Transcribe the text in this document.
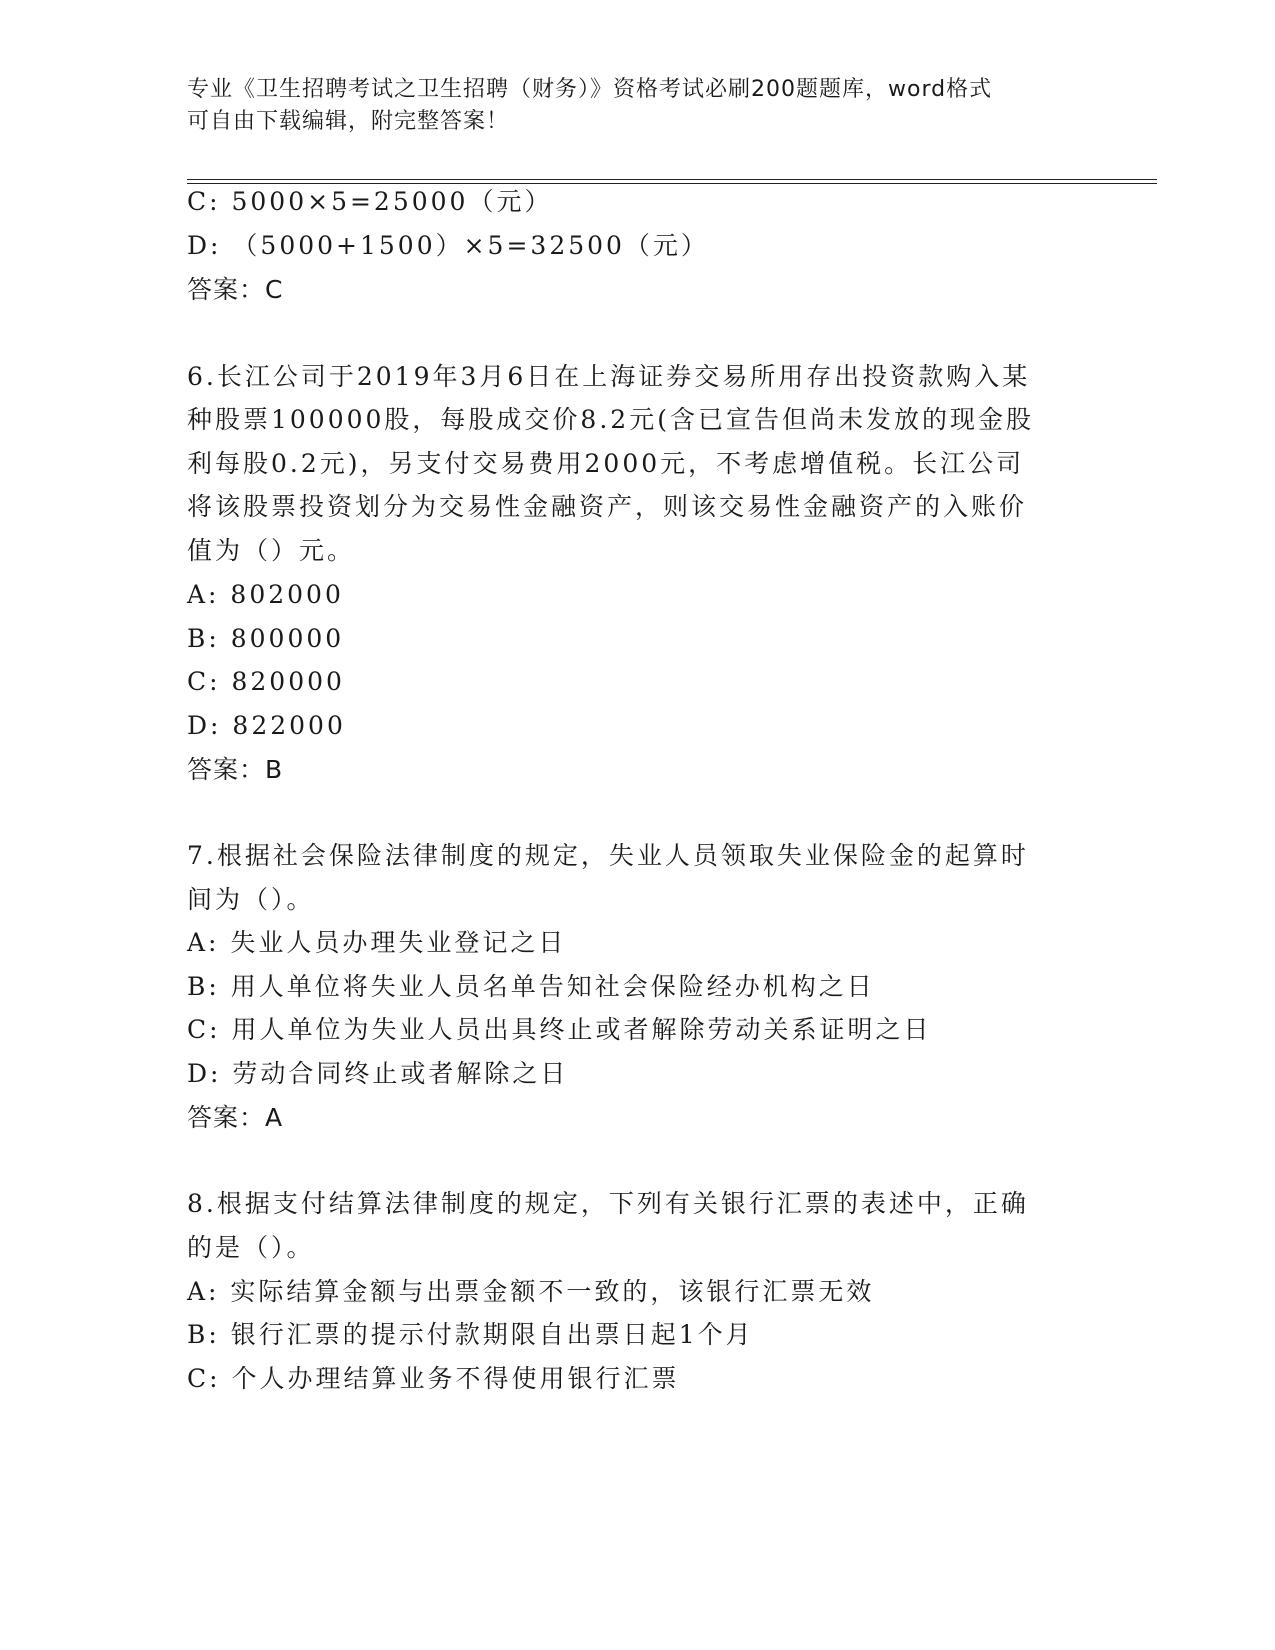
专业《卫生招聘考试之卫生招聘（财务）》资格考试必刷200题题库，word格式
可自由下载编辑，附完整答案！
C: 5000×5=25000（元）
D: （5000+1500）×5=32500（元）
答案：C
6.长江公司于2019年3月6日在上海证券交易所用存出投资款购入某
种股票100000股，每股成交价8.2元(含已宣告但尚未发放的现金股
利每股0.2元)，另支付交易费用2000元，不考虑增值税。长江公司
将该股票投资划分为交易性金融资产，则该交易性金融资产的入账价
值为（）元。
A: 802000
B: 800000
C: 820000
D: 822000
答案：B
7.根据社会保险法律制度的规定，失业人员领取失业保险金的起算时
间为（）。
A: 失业人员办理失业登记之日
B: 用人单位将失业人员名单告知社会保险经办机构之日
C: 用人单位为失业人员出具终止或者解除劳动关系证明之日
D: 劳动合同终止或者解除之日
答案：A
8.根据支付结算法律制度的规定，下列有关银行汇票的表述中，正确
的是（）。
A: 实际结算金额与出票金额不一致的，该银行汇票无效
B: 银行汇票的提示付款期限自出票日起1个月
C: 个人办理结算业务不得使用银行汇票
